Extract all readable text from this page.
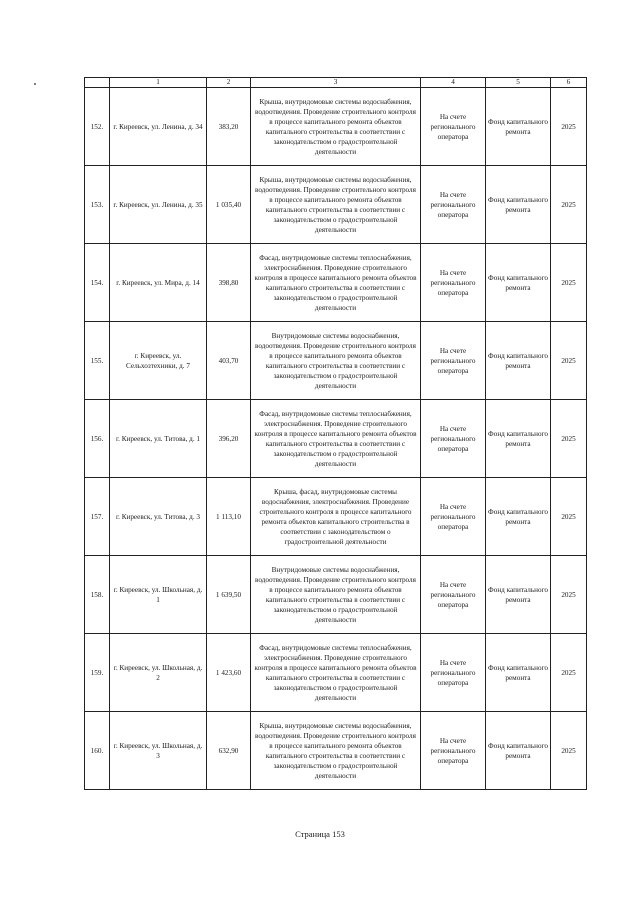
	1	2	3	4	5	6
152.	г. Киреевск, ул. Ленина, д. 34	383,20	Крыша, внутридомовые системы водоснабжения, водоотведения. Проведение строительного контроля в процессе капитального ремонта объектов капитального строительства в соответствии с законодательством о градостроительной деятельности	На счете регионального оператора	Фонд капитального ремонта	2025
153.	г. Киреевск, ул. Ленина, д. 35	1 035,40	Крыша, внутридомовые системы водоснабжения, водоотведения. Проведение строительного контроля в процессе капитального ремонта объектов капитального строительства в соответствии с законодательством о градостроительной деятельности	На счете регионального оператора	Фонд капитального ремонта	2025
154.	г. Киреевск, ул. Мира, д. 14	398,80	Фасад, внутридомовые системы теплоснабжения, электроснабжения. Проведение строительного контроля в процессе капитального ремонта объектов капитального строительства в соответствии с законодательством о градостроительной деятельности	На счете регионального оператора	Фонд капитального ремонта	2025
155.	г. Киреевск, ул. Сельхозтехники, д. 7	403,70	Внутридомовые системы водоснабжения, водоотведения. Проведение строительного контроля в процессе капитального ремонта объектов капитального строительства в соответствии с законодательством о градостроительной деятельности	На счете регионального оператора	Фонд капитального ремонта	2025
156.	г. Киреевск, ул. Титова, д. 1	396,20	Фасад, внутридомовые системы теплоснабжения, электроснабжения. Проведение строительного контроля в процессе капитального ремонта объектов капитального строительства в соответствии с законодательством о градостроительной деятельности	На счете регионального оператора	Фонд капитального ремонта	2025
157.	г. Киреевск, ул. Титова, д. 3	1 113,10	Крыша, фасад, внутридомовые системы водоснабжения, электроснабжения. Проведение строительного контроля в процессе капитального ремонта объектов капитального строительства в соответствии с законодательством о градостроительной деятельности	На счете регионального оператора	Фонд капитального ремонта	2025
158.	г. Киреевск, ул. Школьная, д. 1	1 639,50	Внутридомовые системы водоснабжения, водоотведения. Проведение строительного контроля в процессе капитального ремонта объектов капитального строительства в соответствии с законодательством о градостроительной деятельности	На счете регионального оператора	Фонд капитального ремонта	2025
159.	г. Киреевск, ул. Школьная, д. 2	1 423,60	Фасад, внутридомовые системы теплоснабжения, электроснабжения. Проведение строительного контроля в процессе капитального ремонта объектов капитального строительства в соответствии с законодательством о градостроительной деятельности	На счете регионального оператора	Фонд капитального ремонта	2025
160.	г. Киреевск, ул. Школьная, д. 3	632,90	Крыша, внутридомовые системы водоснабжения, водоотведения. Проведение строительного контроля в процессе капитального ремонта объектов капитального строительства в соответствии с законодательством о градостроительной деятельности	На счете регионального оператора	Фонд капитального ремонта	2025
Страница 153
